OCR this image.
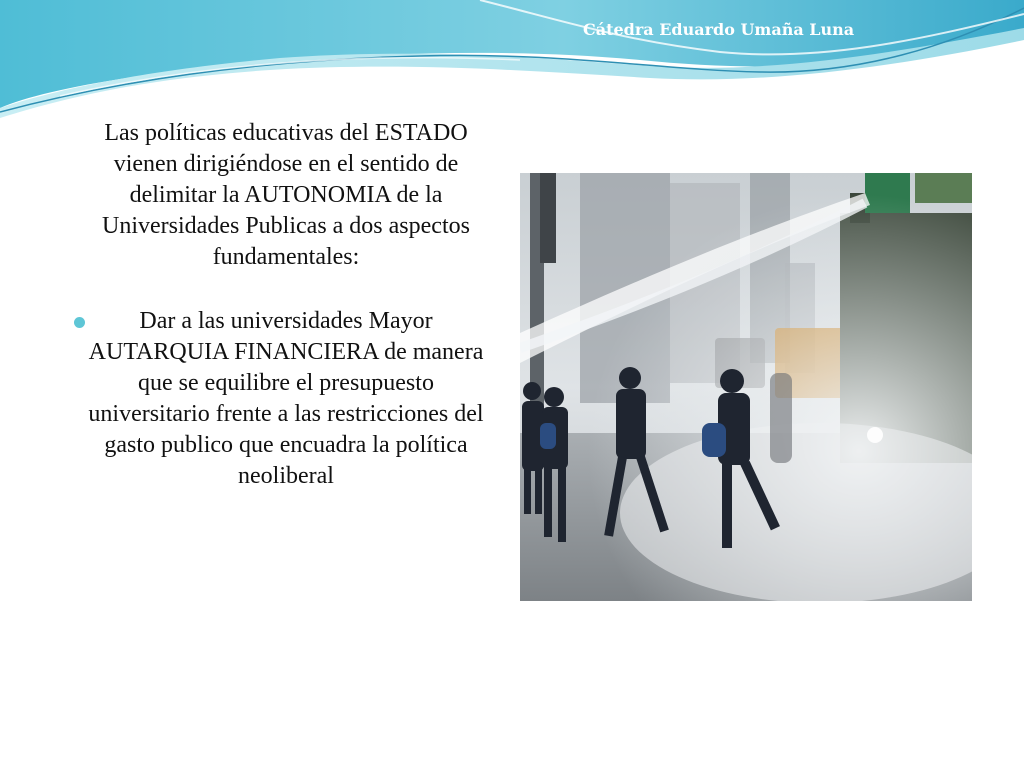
Cátedra Eduardo Umaña Luna

Las políticas educativas del ESTADO vienen dirigiéndose en el sentido de delimitar la AUTONOMIA de la Universidades Publicas a dos aspectos fundamentales:

Dar a las universidades Mayor AUTARQUIA FINANCIERA de manera que se equilibre el presupuesto universitario frente a las restricciones del gasto publico que encuadra la política neoliberal
